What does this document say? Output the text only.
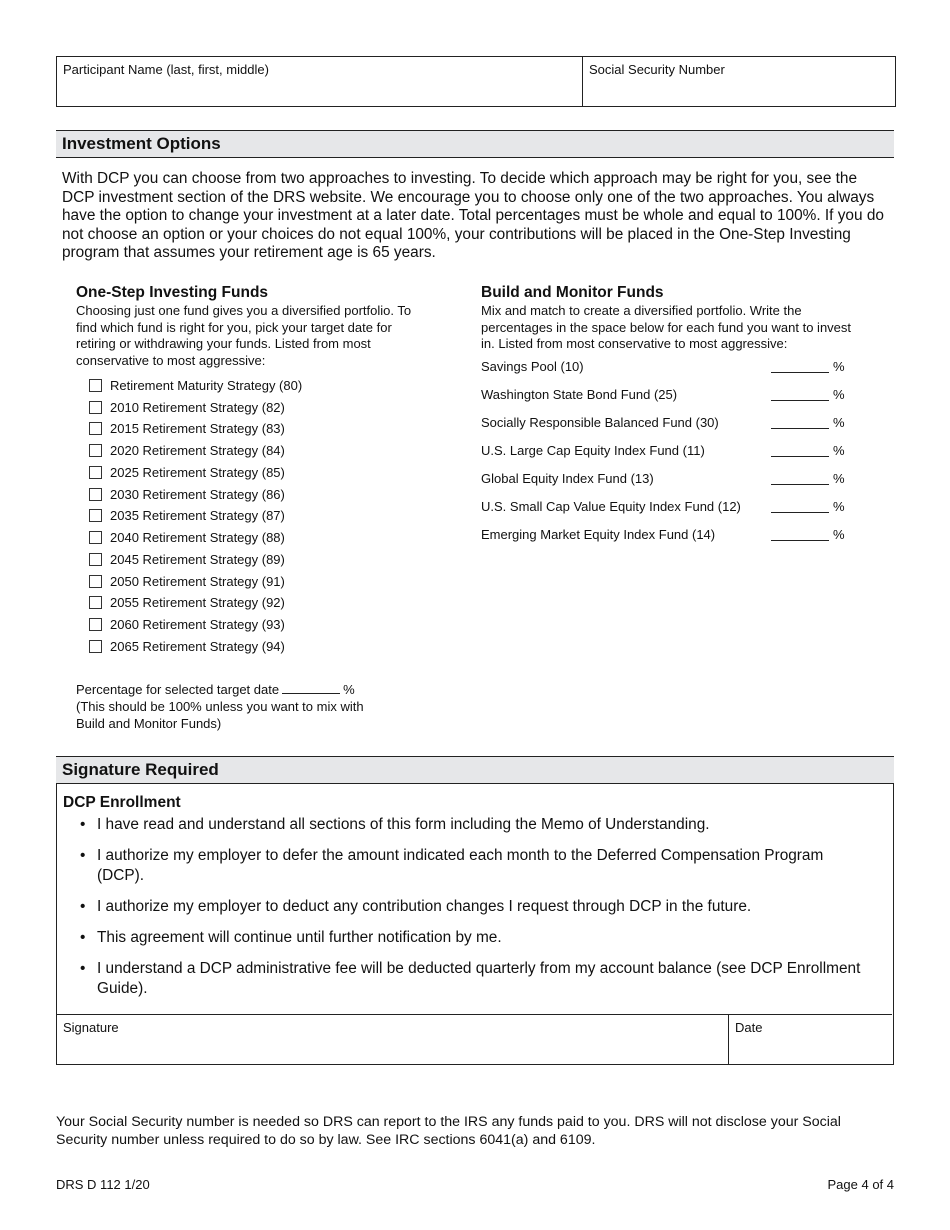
Participant Name (last, first, middle)	Social Security Number
Investment Options
With DCP you can choose from two approaches to investing. To decide which approach may be right for you, see the DCP investment section of the DRS website. We encourage you to choose only one of the two approaches. You always have the option to change your investment at a later date. Total percentages must be whole and equal to 100%. If you do not choose an option or your choices do not equal 100%, your contributions will be placed in the One-Step Investing program that assumes your retirement age is 65 years.
One-Step Investing Funds
Choosing just one fund gives you a diversified portfolio. To find which fund is right for you, pick your target date for retiring or withdrawing your funds. Listed from most conservative to most aggressive:
Retirement Maturity Strategy (80)
2010 Retirement Strategy (82)
2015 Retirement Strategy (83)
2020 Retirement Strategy (84)
2025 Retirement Strategy (85)
2030 Retirement Strategy (86)
2035 Retirement Strategy (87)
2040 Retirement Strategy (88)
2045 Retirement Strategy (89)
2050 Retirement Strategy (91)
2055 Retirement Strategy (92)
2060 Retirement Strategy (93)
2065 Retirement Strategy (94)
Percentage for selected target date	%
(This should be 100% unless you want to mix with
Build and Monitor Funds)
Build and Monitor Funds
Mix and match to create a diversified portfolio. Write the percentages in the space below for each fund you want to invest in. Listed from most conservative to most aggressive:
Savings Pool (10)	%
Washington State Bond Fund (25)	%
Socially Responsible Balanced Fund (30)	%
U.S. Large Cap Equity Index Fund (11)	%
Global Equity Index Fund (13)	%
U.S. Small Cap Value Equity Index Fund (12)	%
Emerging Market Equity Index Fund (14)	%
Signature Required
DCP Enrollment
Signature	Date
• I have read and understand all sections of this form including the Memo of Understanding.
• I authorize my employer to defer the amount indicated each month to the Deferred Compensation Program (DCP).
• I authorize my employer to deduct any contribution changes I request through DCP in the future.
• This agreement will continue until further notification by me.
• I understand a DCP administrative fee will be deducted quarterly from my account balance (see DCP Enrollment Guide).
Your Social Security number is needed so DRS can report to the IRS any funds paid to you. DRS will not disclose your Social Security number unless required to do so by law. See IRC sections 6041(a) and 6109.
DRS D 112 1/20	Page 4 of 4
